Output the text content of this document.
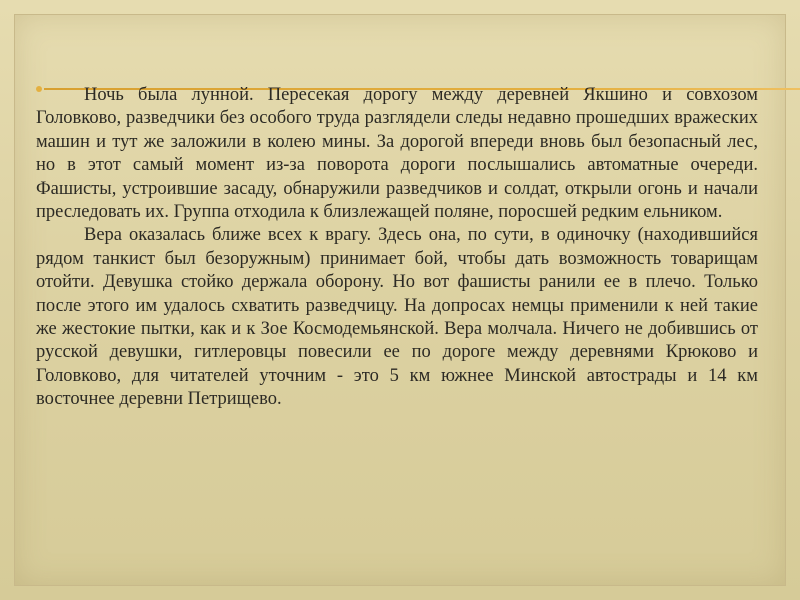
Ночь была лунной. Пересекая дорогу между деревней Якшино и совхозом Головково, разведчики без особого труда разглядели следы недавно прошедших вражеских машин и тут же заложили в колею мины. За дорогой впереди вновь был безопасный лес, но в этот самый момент из-за поворота дороги послышались автоматные очереди. Фашисты, устроившие засаду, обнаружили разведчиков и солдат, открыли огонь и начали преследовать их. Группа отходила к близлежащей поляне, поросшей редким ельником.

Вера оказалась ближе всех к врагу. Здесь она, по сути, в одиночку (находившийся рядом танкист был безоружным) принимает бой, чтобы дать возможность товарищам отойти. Девушка стойко держала оборону. Но вот фашисты ранили ее в плечо. Только после этого им удалось схватить разведчицу. На допросах немцы применили к ней такие же жестокие пытки, как и к Зое Космодемьянской. Вера молчала. Ничего не добившись от русской девушки, гитлеровцы повесили ее по дороге между деревнями Крюково и Головково, для читателей уточним - это 5 км южнее Минской автострады и 14 км восточнее деревни Петрищево.
